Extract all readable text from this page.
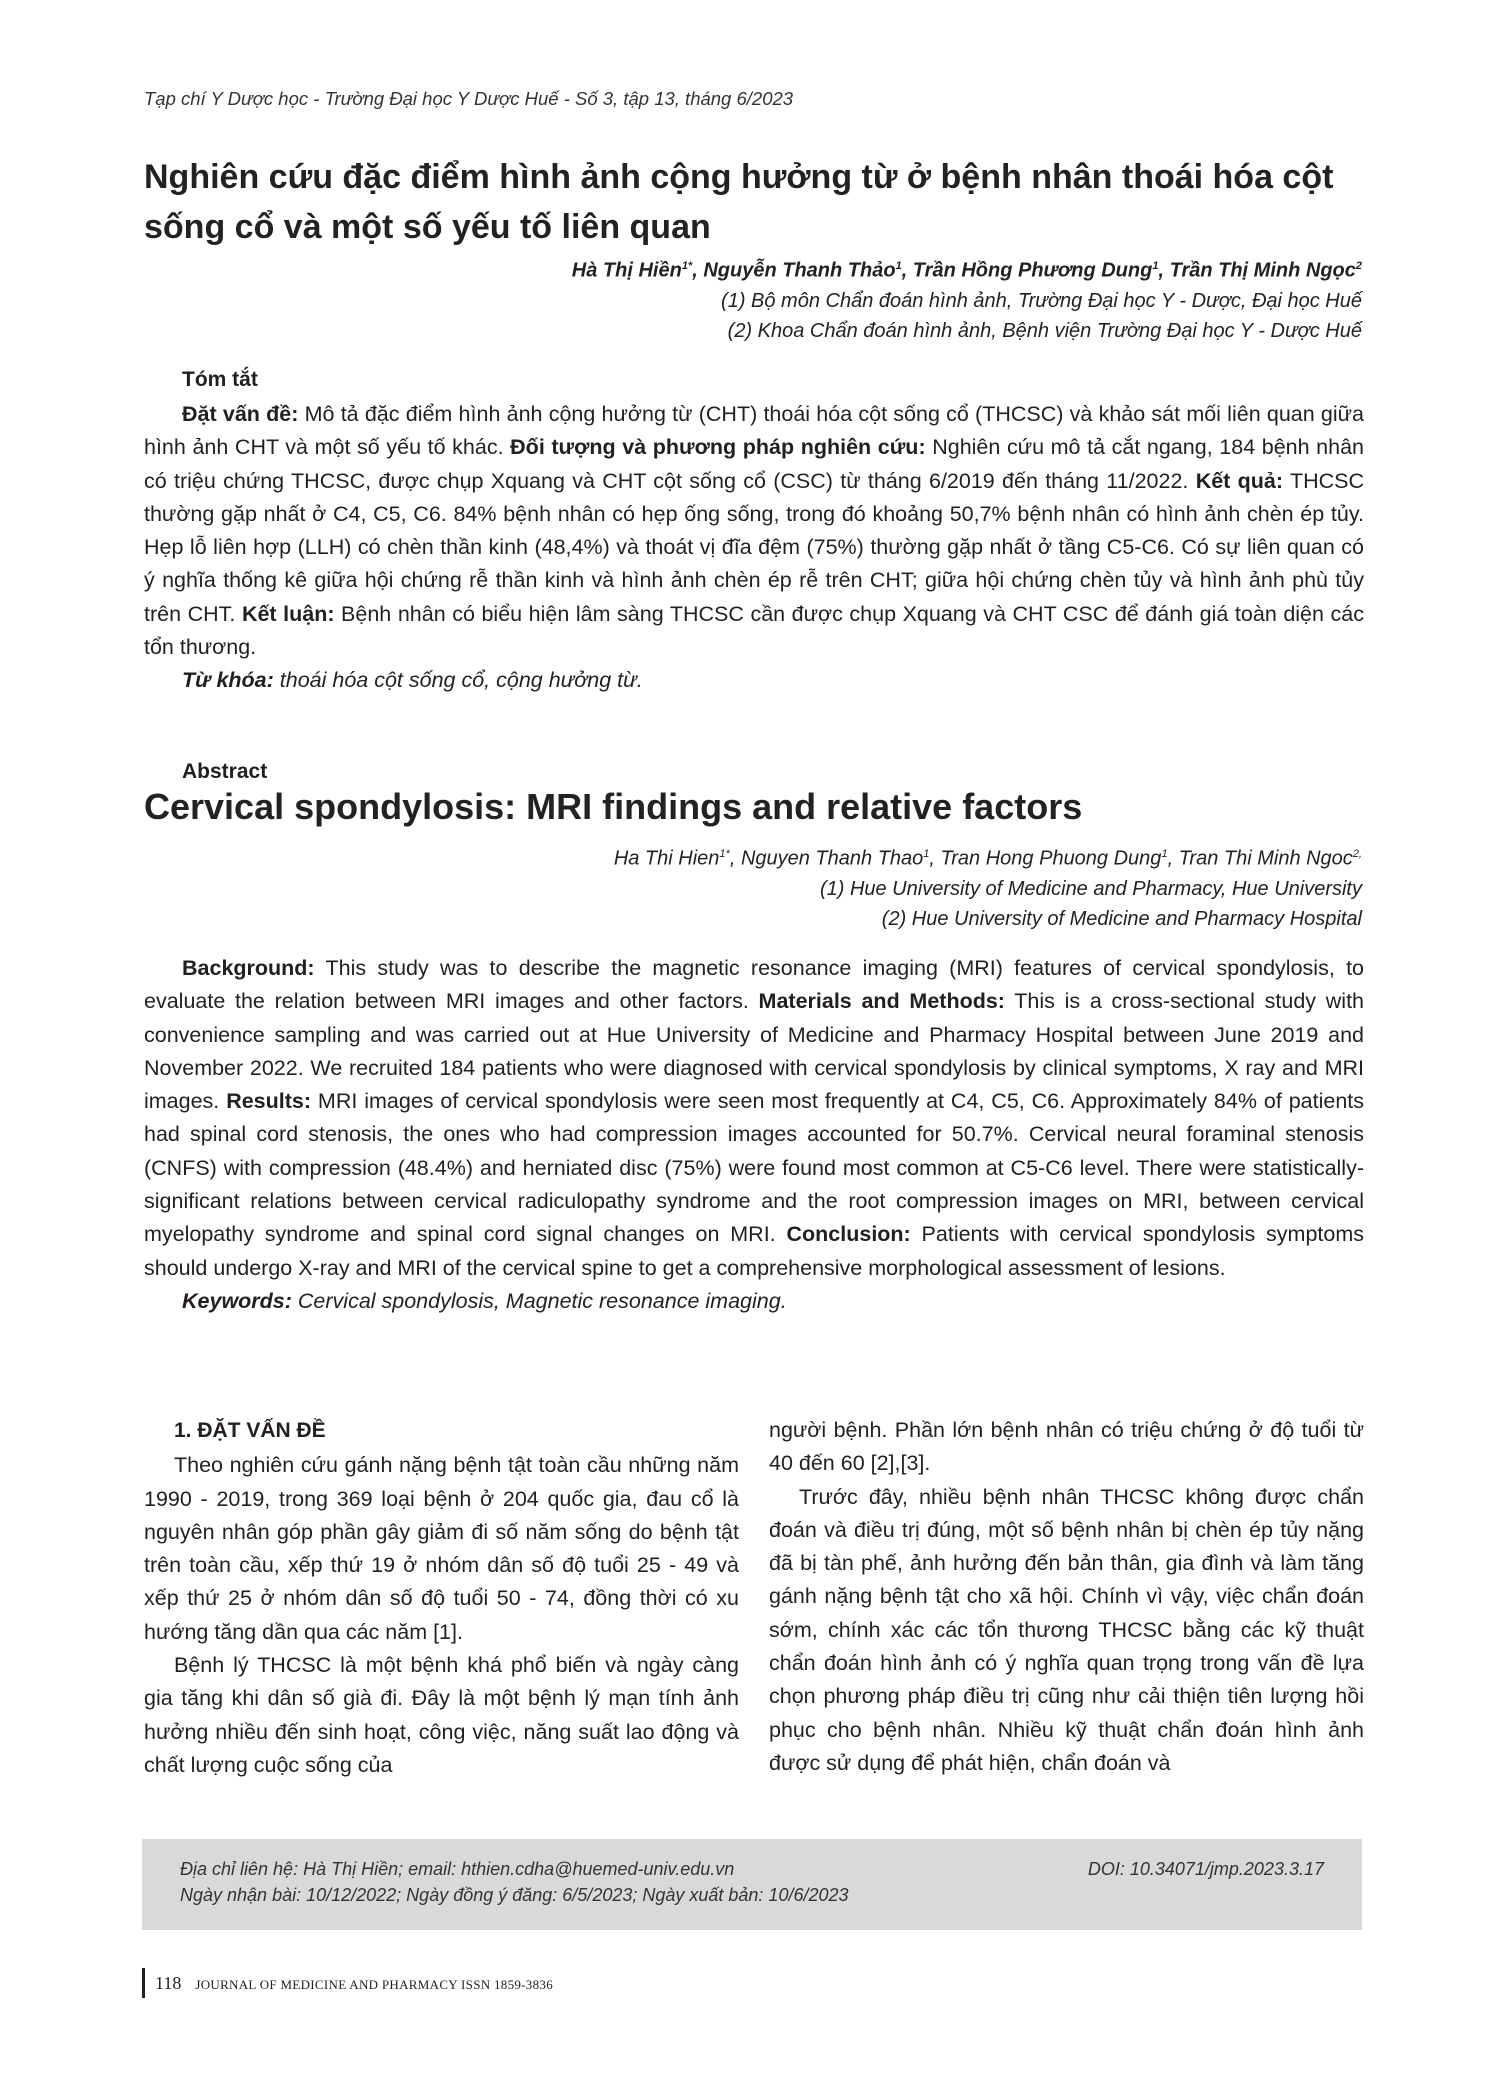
Tạp chí Y Dược học - Trường Đại học Y Dược Huế - Số 3, tập 13, tháng 6/2023
Nghiên cứu đặc điểm hình ảnh cộng hưởng từ ở bệnh nhân thoái hóa cột sống cổ và một số yếu tố liên quan
Hà Thị Hiền$^{1*}$, Nguyễn Thanh Thảo$^1$, Trần Hồng Phương Dung$^1$, Trần Thị Minh Ngọc$^2$
(1) Bộ môn Chẩn đoán hình ảnh, Trường Đại học Y - Dược, Đại học Huế
(2) Khoa Chẩn đoán hình ảnh, Bệnh viện Trường Đại học Y - Dược Huế
Tóm tắt

Đặt vấn đề: Mô tả đặc điểm hình ảnh cộng hưởng từ (CHT) thoái hóa cột sống cổ (THCSC) và khảo sát mối liên quan giữa hình ảnh CHT và một số yếu tố khác. Đối tượng và phương pháp nghiên cứu: Nghiên cứu mô tả cắt ngang, 184 bệnh nhân có triệu chứng THCSC, được chụp Xquang và CHT cột sống cổ (CSC) từ tháng 6/2019 đến tháng 11/2022. Kết quả: THCSC thường gặp nhất ở C4, C5, C6. 84% bệnh nhân có hẹp ống sống, trong đó khoảng 50,7% bệnh nhân có hình ảnh chèn ép tủy. Hẹp lỗ liên hợp (LLH) có chèn thần kinh (48,4%) và thoát vị đĩa đệm (75%) thường gặp nhất ở tầng C5-C6. Có sự liên quan có ý nghĩa thống kê giữa hội chứng rễ thần kinh và hình ảnh chèn ép rễ trên CHT; giữa hội chứng chèn tủy và hình ảnh phù tủy trên CHT. Kết luận: Bệnh nhân có biểu hiện lâm sàng THCSC cần được chụp Xquang và CHT CSC để đánh giá toàn diện các tổn thương.

Từ khóa: thoái hóa cột sống cổ, cộng hưởng từ.

Abstract
Cervical spondylosis: MRI findings and relative factors
Ha Thi Hien$^{1*}$, Nguyen Thanh Thao$^1$, Tran Hong Phuong Dung$^1$, Tran Thi Minh Ngoc$^{2,}$
(1) Hue University of Medicine and Pharmacy, Hue University
(2) Hue University of Medicine and Pharmacy Hospital

Background: This study was to describe the magnetic resonance imaging (MRI) features of cervical spondylosis, to evaluate the relation between MRI images and other factors. Materials and Methods: This is a cross-sectional study with convenience sampling and was carried out at Hue University of Medicine and Pharmacy Hospital between June 2019 and November 2022. We recruited 184 patients who were diagnosed with cervical spondylosis by clinical symptoms, X ray and MRI images. Results: MRI images of cervical spondylosis were seen most frequently at C4, C5, C6. Approximately 84% of patients had spinal cord stenosis, the ones who had compression images accounted for 50.7%. Cervical neural foraminal stenosis (CNFS) with compression (48.4%) and herniated disc (75%) were found most common at C5-C6 level. There were statistically-significant relations between cervical radiculopathy syndrome and the root compression images on MRI, between cervical myelopathy syndrome and spinal cord signal changes on MRI. Conclusion: Patients with cervical spondylosis symptoms should undergo X-ray and MRI of the cervical spine to get a comprehensive morphological assessment of lesions.

Keywords: Cervical spondylosis, Magnetic resonance imaging.

1. ĐẶT VẤN ĐỀ

Theo nghiên cứu gánh nặng bệnh tật toàn cầu những năm 1990 - 2019, trong 369 loại bệnh ở 204 quốc gia, đau cổ là nguyên nhân góp phần gây giảm đi số năm sống do bệnh tật trên toàn cầu, xếp thứ 19 ở nhóm dân số độ tuổi 25 - 49 và xếp thứ 25 ở nhóm dân số độ tuổi 50 - 74, đồng thời có xu hướng tăng dần qua các năm [1].

Bệnh lý THCSC là một bệnh khá phổ biến và ngày càng gia tăng khi dân số già đi. Đây là một bệnh lý mạn tính ảnh hưởng nhiều đến sinh hoạt, công việc, năng suất lao động và chất lượng cuộc sống của

người bệnh. Phần lớn bệnh nhân có triệu chứng ở độ tuổi từ 40 đến 60 [2],[3].

Trước đây, nhiều bệnh nhân THCSC không được chẩn đoán và điều trị đúng, một số bệnh nhân bị chèn ép tủy nặng đã bị tàn phế, ảnh hưởng đến bản thân, gia đình và làm tăng gánh nặng bệnh tật cho xã hội. Chính vì vậy, việc chẩn đoán sớm, chính xác các tổn thương THCSC bằng các kỹ thuật chẩn đoán hình ảnh có ý nghĩa quan trọng trong vấn đề lựa chọn phương pháp điều trị cũng như cải thiện tiên lượng hồi phục cho bệnh nhân. Nhiều kỹ thuật chẩn đoán hình ảnh được sử dụng để phát hiện, chẩn đoán và

Địa chỉ liên hệ: Hà Thị Hiền; email: hthien.cdha@huemed-univ.edu.vn
Ngày nhận bài: 10/12/2022; Ngày đồng ý đăng: 6/5/2023; Ngày xuất bản: 10/6/2023
DOI: 10.34071/jmp.2023.3.17
118 JOURNAL OF MEDICINE AND PHARMACY ISSN 1859-3836
